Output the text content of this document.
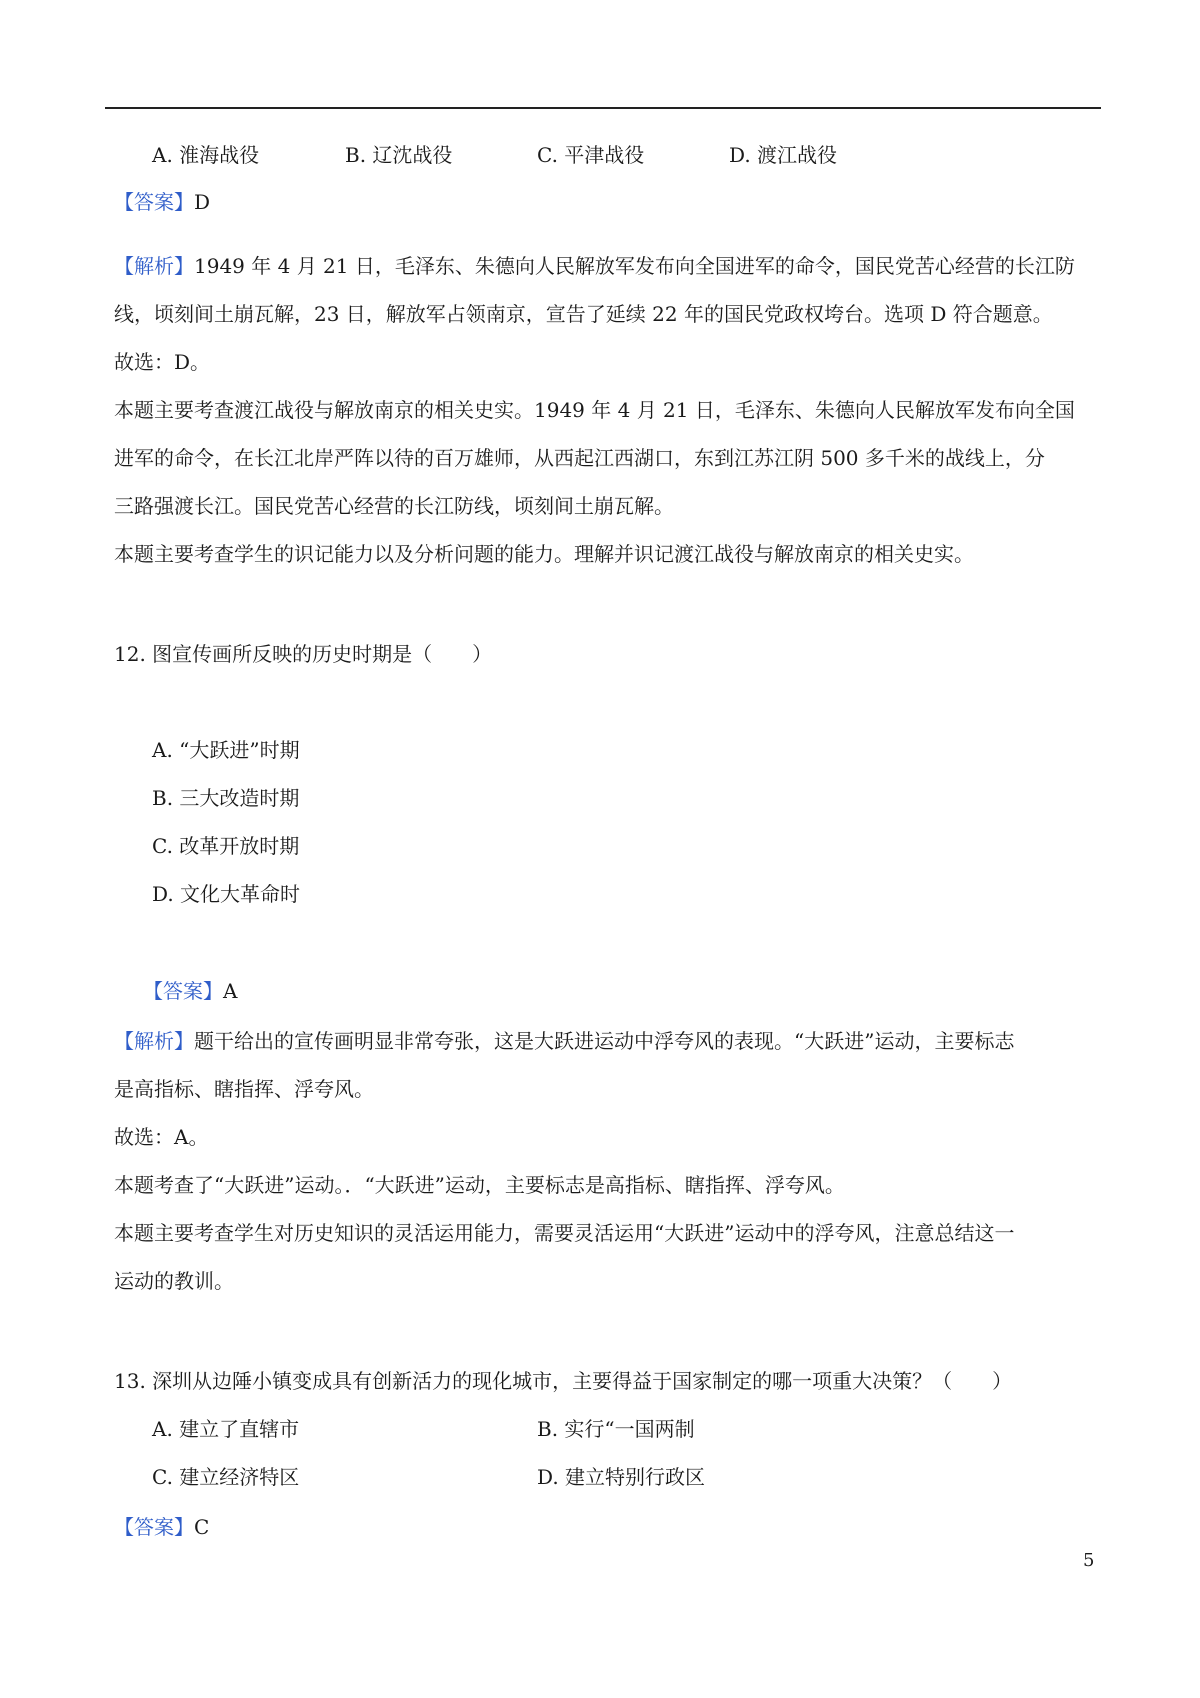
A. 淮海战役	B. 辽沈战役	C. 平津战役	D. 渡江战役
【答案】D
【解析】1949 年 4 月 21 日，毛泽东、朱德向人民解放军发布向全国进军的命令，国民党苦心经营的长江防
线，顷刻间土崩瓦解，23 日，解放军占领南京，宣告了延续 22 年的国民党政权垮台。选项 D 符合题意。
故选：D。
本题主要考查渡江战役与解放南京的相关史实。1949 年 4 月 21 日，毛泽东、朱德向人民解放军发布向全国
进军的命令，在长江北岸严阵以待的百万雄师，从西起江西湖口，东到江苏江阴 500 多千米的战线上，分
三路强渡长江。国民党苦心经营的长江防线，顷刻间土崩瓦解。
本题主要考查学生的识记能力以及分析问题的能力。理解并识记渡江战役与解放南京的相关史实。
12. 图宣传画所反映的历史时期是（　　）
A. “大跃进”时期
B. 三大改造时期
C. 改革开放时期
D. 文化大革命时
【答案】A
【解析】题干给出的宣传画明显非常夸张，这是大跃进运动中浮夸风的表现。“大跃进”运动，主要标志
是高指标、瞎指挥、浮夸风。
故选：A。
本题考查了“大跃进”运动。．“大跃进”运动，主要标志是高指标、瞎指挥、浮夸风。
本题主要考查学生对历史知识的灵活运用能力，需要灵活运用“大跃进”运动中的浮夸风，注意总结这一
运动的教训。
13. 深圳从边陲小镇变成具有创新活力的现化城市，主要得益于国家制定的哪一项重大决策？（　　）
A. 建立了直辖市	B. 实行“一国两制
C. 建立经济特区	D. 建立特别行政区
【答案】C
5
